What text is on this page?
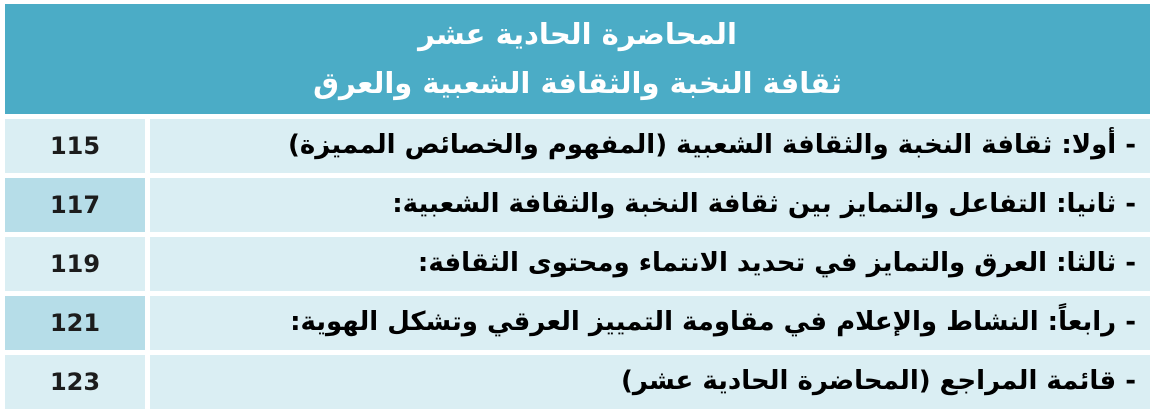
المحاضرة الحادية عشر
ثقافة النخبة والثقافة الشعبية والعرق
115	- أولا: ثقافة النخبة والثقافة الشعبية (المفهوم والخصائص المميزة)
117	- ثانيا: التفاعل والتمايز بين ثقافة النخبة والثقافة الشعبية:
119	- ثالثا: العرق والتمايز في تحديد الانتماء ومحتوى الثقافة:
121	- رابعاً: النشاط والإعلام في مقاومة التمييز العرقي وتشكل الهوية:
123	- قائمة المراجع (المحاضرة الحادية عشر)
